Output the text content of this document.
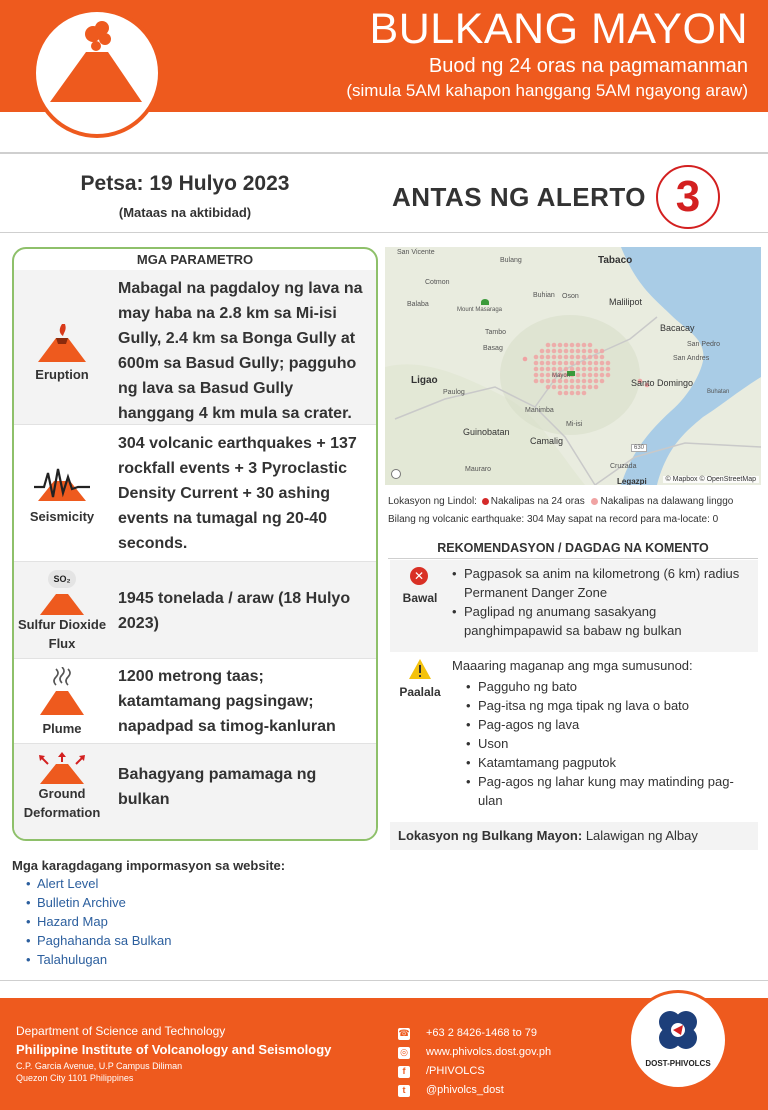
BULKANG MAYON
Buod ng 24 oras na pagmamanman
(simula 5AM kahapon hanggang 5AM ngayong araw)
Petsa: 19 Hulyo 2023
(Mataas na aktibidad)
ANTAS NG ALERTO 3
MGA PARAMETRO
Eruption
Mabagal na pagdaloy ng lava na may haba na 2.8 km sa Mi-isi Gully, 2.4 km sa Bonga Gully at 600m sa Basud Gully; pagguho ng lava sa Basud Gully hanggang 4 km mula sa crater.
Seismicity
304 volcanic earthquakes + 137 rockfall events + 3 Pyroclastic Density Current + 30 ashing events na tumagal ng 20-40 seconds.
SO₂
Sulfur Dioxide Flux
1945 tonelada / araw (18 Hulyo 2023)
Plume
1200 metrong taas; katamtamang pagsingaw; napadpad sa timog-kanluran
Ground Deformation
Bahagyang pamamaga ng bulkan
San Vicente
Bulang	Tabaco
Cotmon
Balaba
Mount Masaraga
Buhian Oson
Malilipot
Bacacay
Tambo
Basag
San Pedro
San Andres
Ligao
Paulog
Mayon
Santo Domingo
Buhatan
Manimba
Mi-isi
Guinobatan
Camalig
Mauraro	Cruzada
Legazpi
630
© Mapbox © OpenStreetMap
Lokasyon ng Lindol: Nakalipas na 24 oras Nakalipas na dalawang linggo
Bilang ng volcanic earthquake: 304 May sapat na record para ma-locate: 0
REKOMENDASYON / DAGDAG NA KOMENTO
✕
Bawal
• Pagpasok sa anim na kilometrong (6 km) radius Permanent Danger Zone
• Paglipad ng anumang sasakyang panghimpapawid sa babaw ng bulkan
Paalala
Maaaring maganap ang mga sumusunod:
• Pagguho ng bato
• Pag-itsa ng mga tipak ng lava o bato
• Pag-agos ng lava
• Uson
• Katamtamang pagputok
• Pag-agos ng lahar kung may matinding pag-ulan
Lokasyon ng Bulkang Mayon: Lalawigan ng Albay
Mga karagdagang impormasyon sa website:
• Alert Level
• Bulletin Archive
• Hazard Map
• Paghahanda sa Bulkan
• Talahulugan
Department of Science and Technology
Philippine Institute of Volcanology and Seismology
C.P. Garcia Avenue, U.P Campus Diliman
Quezon City 1101 Philippines
☎ +63 2 8426-1468 to 79
◎ www.phivolcs.dost.gov.ph
f	/PHIVOLCS
t	@phivolcs_dost
DOST-PHIVOLCS
